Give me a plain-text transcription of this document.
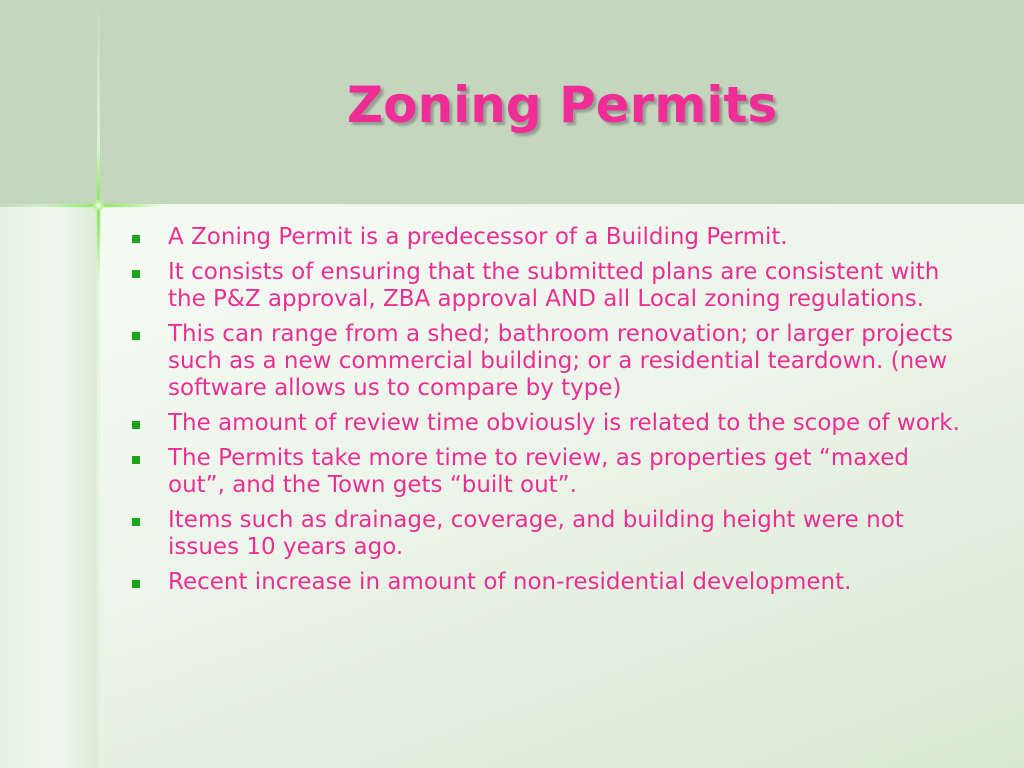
Zoning Permits
A Zoning Permit is a predecessor of a Building Permit.
It consists of ensuring that the submitted plans are consistent with the P&Z approval, ZBA approval AND all Local zoning regulations.
This can range from a shed; bathroom renovation; or larger projects such as a new commercial building; or a residential teardown. (new software allows us to compare by type)
The amount of review time obviously is related to the scope of work.
The Permits take more time to review, as properties get “maxed out”, and the Town gets “built out”.
Items such as drainage, coverage, and building height were not issues 10 years ago.
Recent increase in amount of non-residential development.
